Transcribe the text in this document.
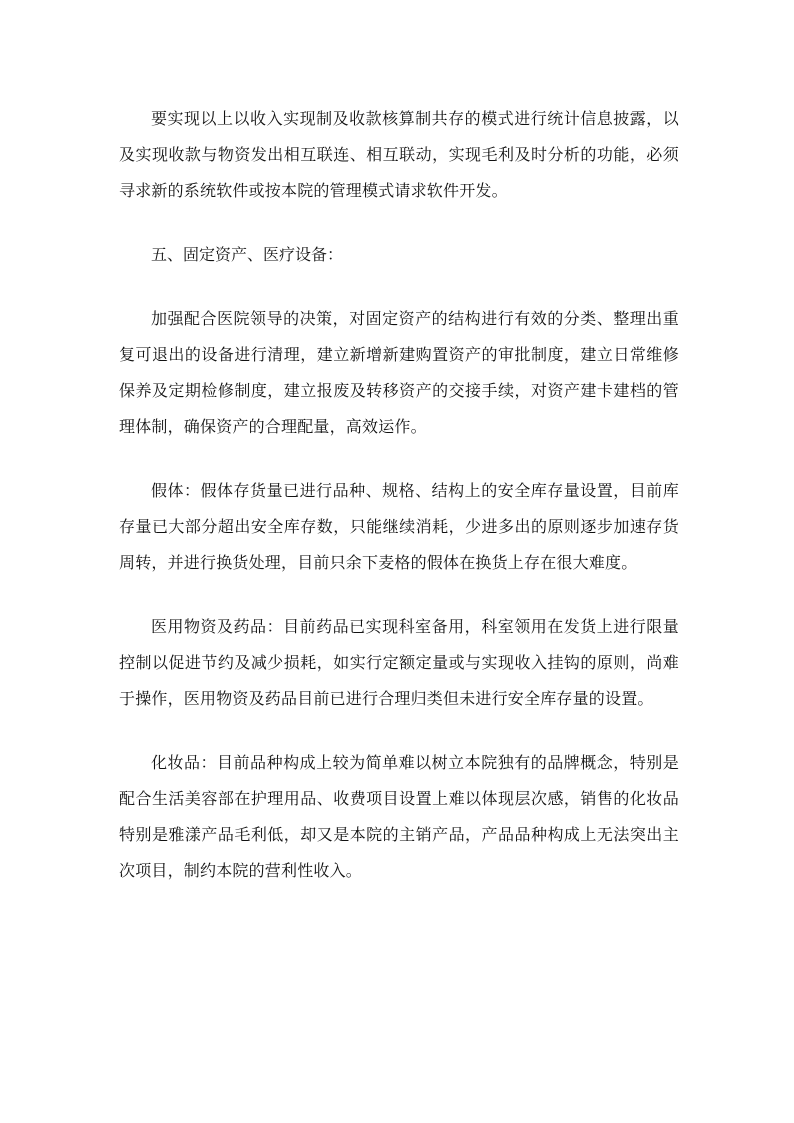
要实现以上以收入实现制及收款核算制共存的模式进行统计信息披露，以及实现收款与物资发出相互联连、相互联动，实现毛利及时分析的功能，必须寻求新的系统软件或按本院的管理模式请求软件开发。

五、固定资产、医疗设备：

加强配合医院领导的决策，对固定资产的结构进行有效的分类、整理出重复可退出的设备进行清理，建立新增新建购置资产的审批制度，建立日常维修保养及定期检修制度，建立报废及转移资产的交接手续，对资产建卡建档的管理体制，确保资产的合理配量，高效运作。

假体：假体存货量已进行品种、规格、结构上的安全库存量设置，目前库存量已大部分超出安全库存数，只能继续消耗，少进多出的原则逐步加速存货周转，并进行换货处理，目前只余下麦格的假体在换货上存在很大难度。

医用物资及药品：目前药品已实现科室备用，科室领用在发货上进行限量控制以促进节约及减少损耗，如实行定额定量或与实现收入挂钩的原则，尚难于操作，医用物资及药品目前已进行合理归类但未进行安全库存量的设置。

化妆品：目前品种构成上较为简单难以树立本院独有的品牌概念，特别是配合生活美容部在护理用品、收费项目设置上难以体现层次感，销售的化妆品特别是雅漾产品毛利低，却又是本院的主销产品，产品品种构成上无法突出主次项目，制约本院的营利性收入。
